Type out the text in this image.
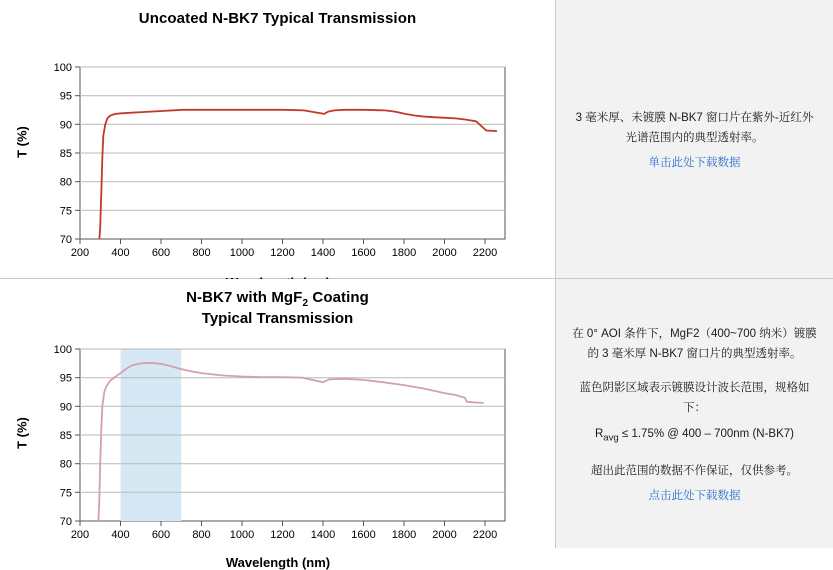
Uncoated N-BK7 Typical Transmission
T (%)
100
95
90
85
80
75
70
200 400 600 800 1000 1200 1400 1600 1800 2000 2200
3 毫米厚、未镀膜 N-BK7 窗口片在紫外-近红外光谱范围内的典型透射率。
单击此处下载数据
N-BK7 with MgF$_2$ Coating
Typical Transmission
T (%)
100
95
90
85
80
75
70
200 400 600 800 1000 1200 1400 1600 1800 2000 2200
Wavelength (nm)
在 0° AOI 条件下，MgF2（400~700 纳米）镀膜的 3 毫米厚 N-BK7 窗口片的典型透射率。
蓝色阴影区域表示镀膜设计波长范围，规格如下：
$R_{avg} \le 1.75\%$ @ 400 – 700nm (N-BK7)
超出此范围的数据不作保证，仅供参考。
点击此处下载数据
